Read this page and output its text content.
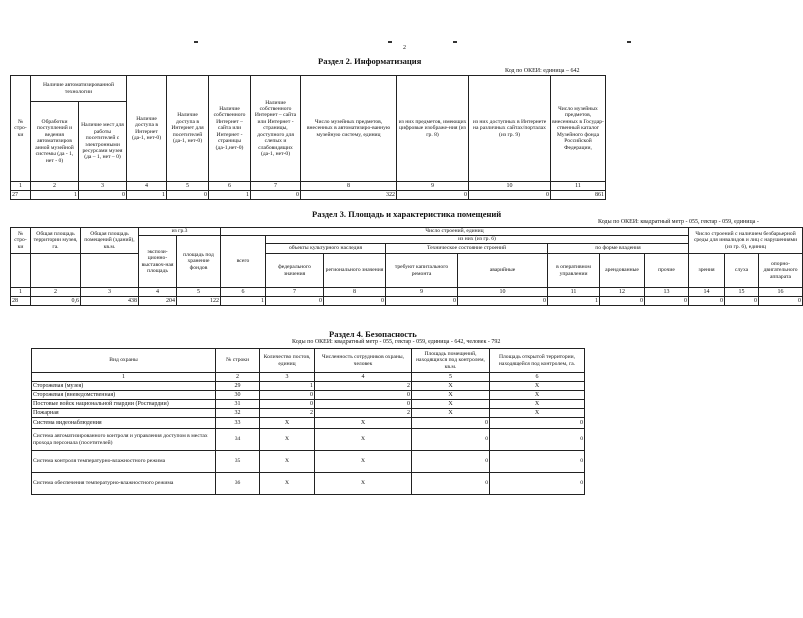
2
Раздел 2. Информатизация
Код по ОКЕИ: единица – 642
№ стро-ки	Наличие автоматизированной технологии		Наличие доступа в Интернет (да-1, нет-0)	Наличие доступа в Интернет для посетителей (да-1, нет-0)	Наличие собственного Интернет – сайта или Интернет - страницы (да-1,нет-0)	Наличие собственного Интернет – сайта или Интернет - страницы, доступного для слепых и слабовидящих (да-1, нет-0)	Число музейных предметов, внесенных в автоматизиро-ванную музейную систему, единиц	из них предметов, имеющих цифровые изображе-ния (из гр. 8)	из них доступных в Интернете на различных сайтах/порталах (из гр. 9)	Число музейных предметов, внесенных в Государ-ственный каталог Музейного фонда Российской Федерации,
	Обработки поступлений и ведения автоматизиров анной музейной системы (да - 1, нет - 0)	Наличие мест для работы посетителей с электронными ресурсами музея (да – 1, нет – 0)								
1	2	3	4	5	6	7	8	9	10	11
27	1	0	1	0	1	0	322	0	0	861
Раздел 3. Площадь и характеристика помещений
Коды по ОКЕИ: квадратный метр - 055, гектар - 059, единица -
№ стро-ки	Общая площадь территории музея, га.	Общая площадь помещений (зданий), кв.м.	из гр.3		Число строений, единиц								Число строений с наличием безбарьерной среды для инвалидов и лиц с нарушениями (из гр. 6), единиц		
			экспози-ционно-выставоч-ная площадь	площадь под хранение фондов	всего	из них (из гр. 6)									
						объекты культурного наследия		Техническое состояние строений		по форме владения					
						федерального значения	регионального значения	требуют капитального ремонта	аварийные	в оперативном управлении	арендованные	прочие	зрения	слуха	опорно-двигательного аппарата
1	2	3	4	5	6	7	8	9	10	11	12	13	14	15	16
28	0,6	438	204	122	1	0	0	0	0	1	0	0	0	0	0
Раздел 4. Безопасность
Коды по ОКЕИ: квадратный метр - 055, гектар - 059, единица - 642, человек - 792
Вид охраны	№ строки	Количество постов, единиц	Численность сотрудников охраны, человек	Площадь помещений, находящихся под контролем, кв.м.	Площадь открытой территории, находящейся под контролем, га.
1	2	3	4	5	6
Сторожевая (музея)	29	1	2	X	X
Сторожевая (вневедомственная)	30	0	0	X	X
Постовые войск национальной гвардии (Росгвардии)	31	0	0	X	X
Пожарная	32	2	2	X	X
Система видеонаблюдения	33	X	X	0	0
Система автоматизированного контроля и управления доступом в местах прохода персонала (посетителей)	34	X	X	0	0
Система контроля температурно-влажностного режима	35	X	X	0	0
Система обеспечения температурно-влажностного режима	36	X	X	0	0
